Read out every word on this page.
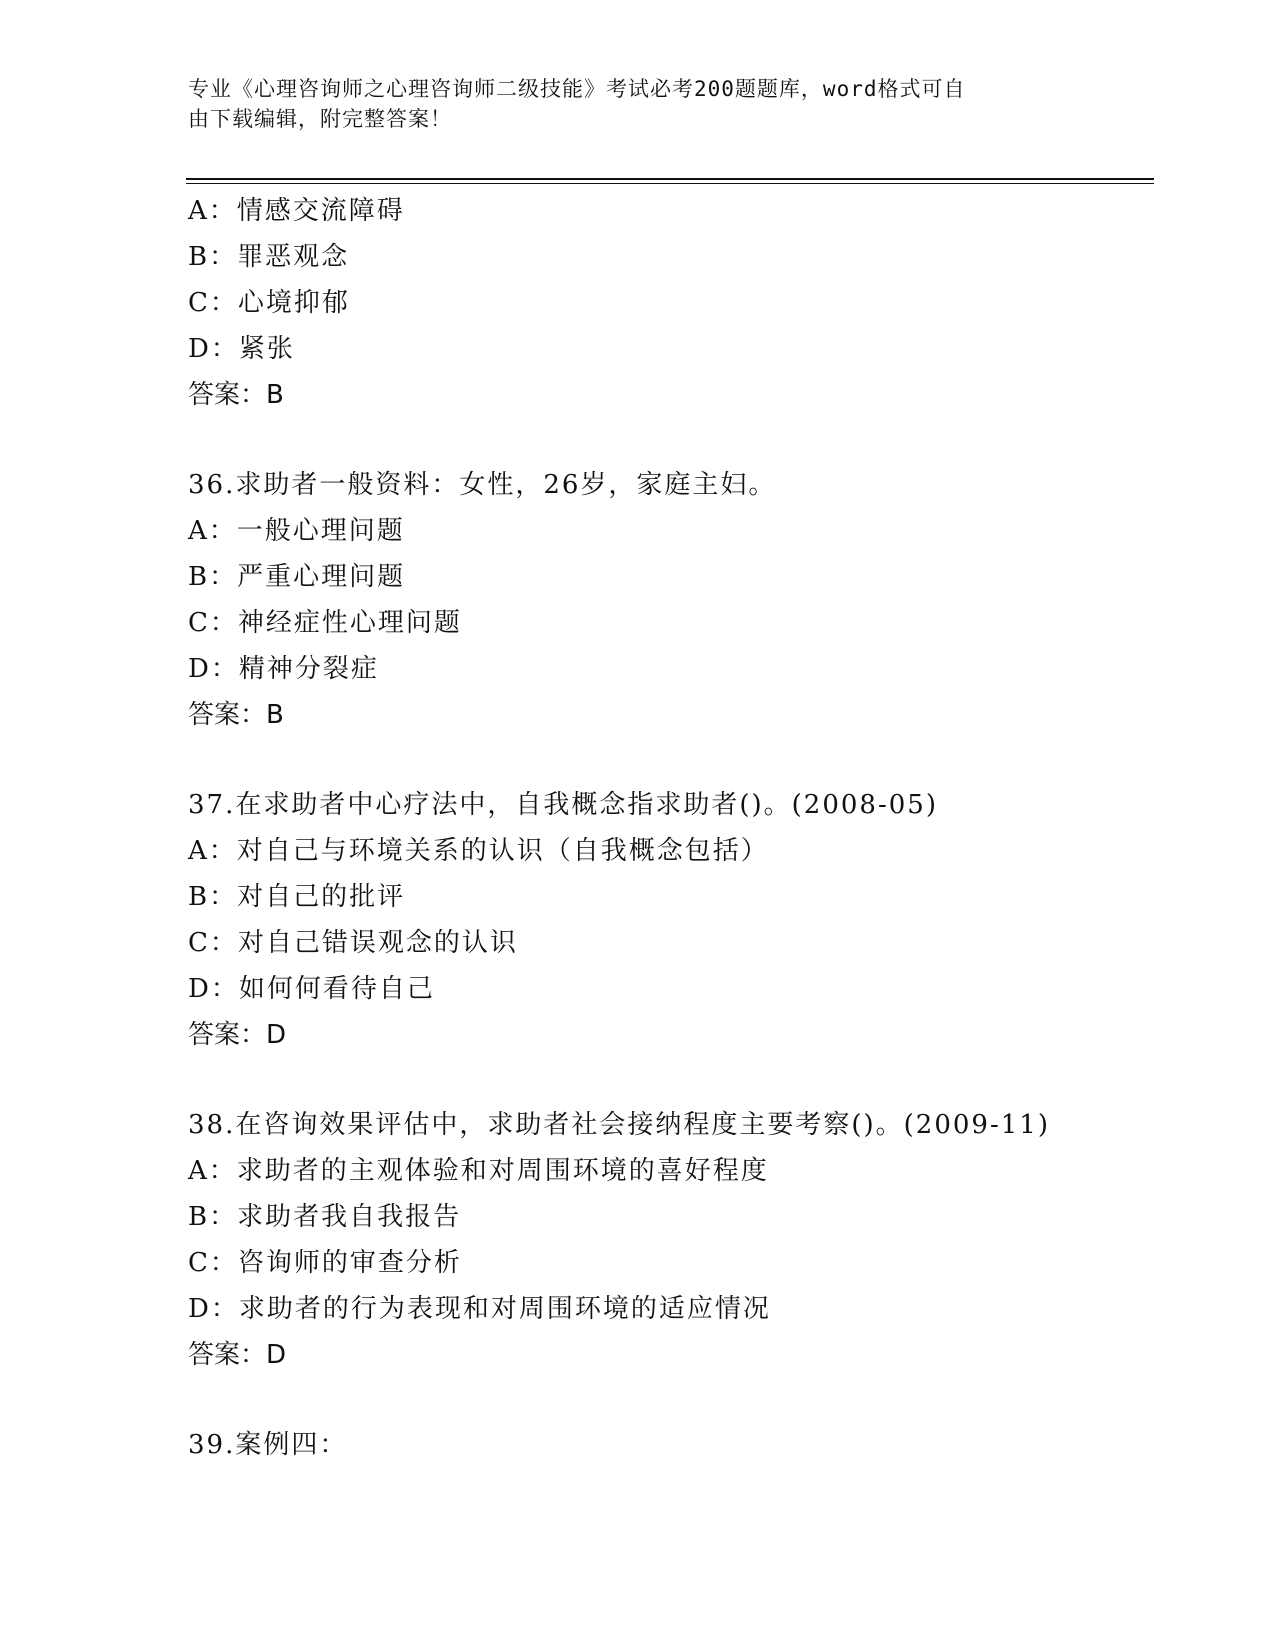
专业《心理咨询师之心理咨询师二级技能》考试必考200题题库，word格式可自
由下载编辑，附完整答案！
A：情感交流障碍
B：罪恶观念
C：心境抑郁
D：紧张
答案：B
36.求助者一般资料：女性，26岁，家庭主妇。
A：一般心理问题
B：严重心理问题
C：神经症性心理问题
D：精神分裂症
答案：B
37.在求助者中心疗法中，自我概念指求助者()。(2008-05)
A：对自己与环境关系的认识（自我概念包括）
B：对自己的批评
C：对自己错误观念的认识
D：如何何看待自己
答案：D
38.在咨询效果评估中，求助者社会接纳程度主要考察()。(2009-11)
A：求助者的主观体验和对周围环境的喜好程度
B：求助者我自我报告
C：咨询师的审查分析
D：求助者的行为表现和对周围环境的适应情况
答案：D
39.案例四：
